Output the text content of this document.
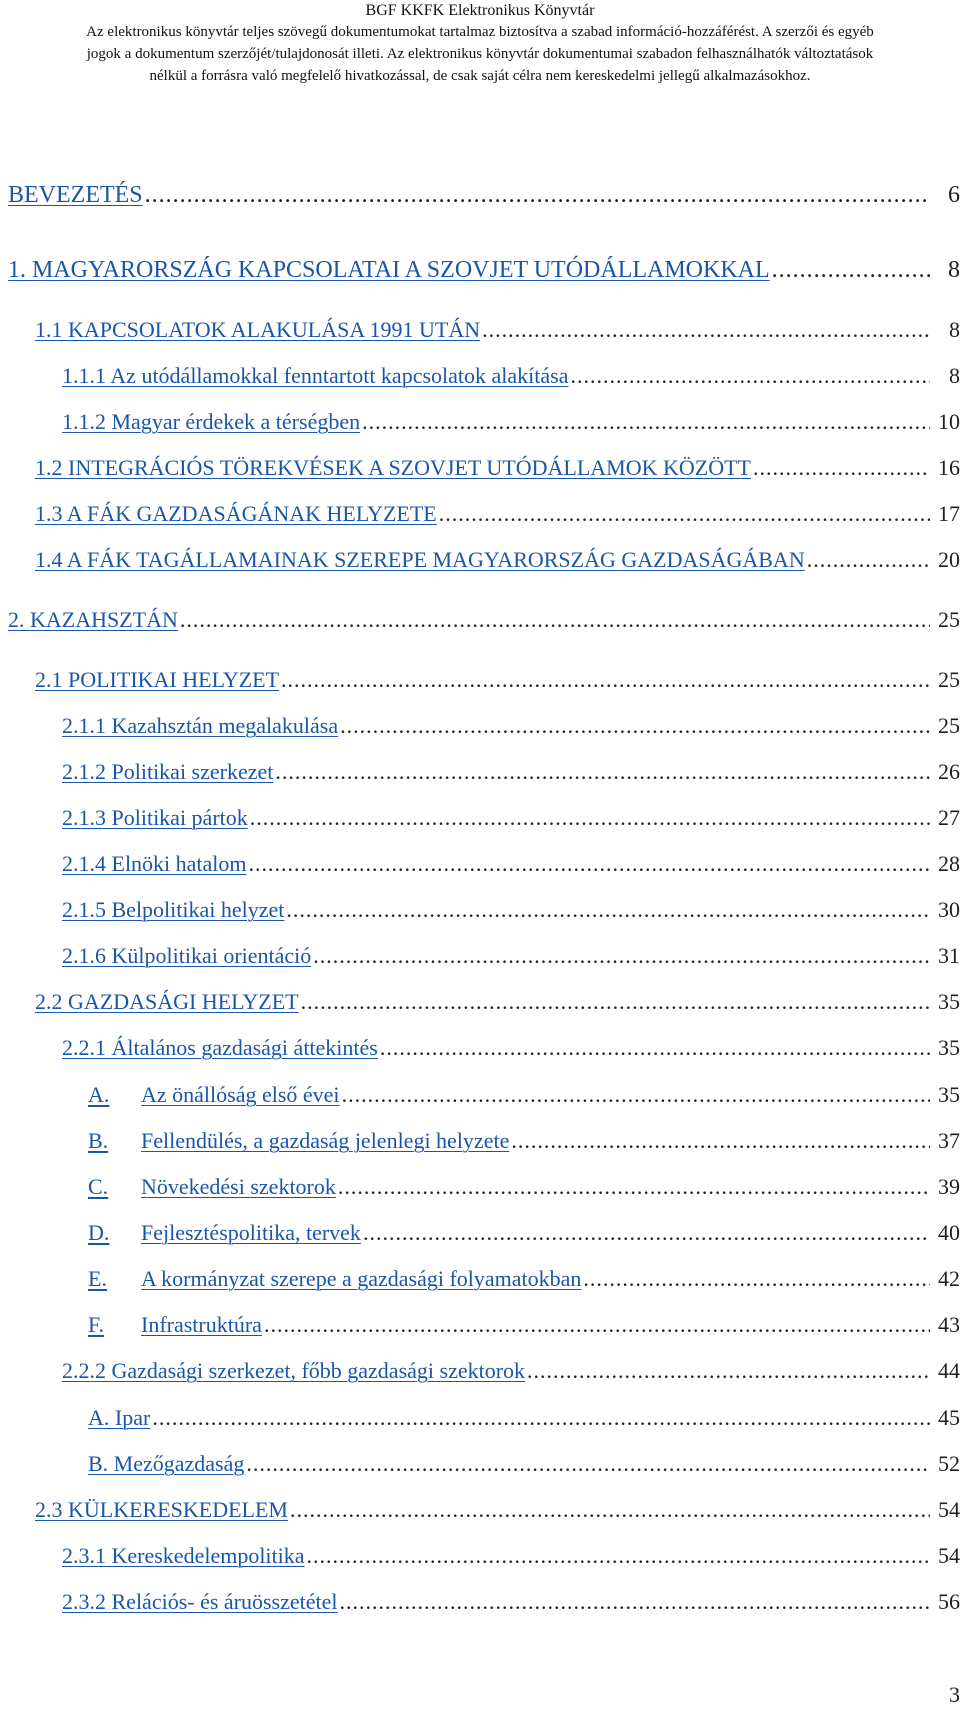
BGF KKFK Elektronikus Könyvtár
Az elektronikus könyvtár teljes szövegű dokumentumokat tartalmaz biztosítva a szabad információ-hozzáférést. A szerzői és egyéb
jogok a dokumentum szerzőjét/tulajdonosát illeti. Az elektronikus könyvtár dokumentumai szabadon felhasználhatók változtatások
nélkül a forrásra való megfelelő hivatkozással, de csak saját célra nem kereskedelmi jellegű alkalmazásokhoz.
BEVEZETÉS .....	6
1. MAGYARORSZÁG KAPCSOLATAI A SZOVJET UTÓDÁLLAMOKKAL .....	8
1.1 KAPCSOLATOK ALAKULÁSA 1991 UTÁN .....	8
1.1.1 Az utódállamokkal fenntartott kapcsolatok alakítása .....	8
1.1.2 Magyar érdekek a térségben .....	10
1.2 INTEGRÁCIÓS TÖREKVÉSEK A SZOVJET UTÓDÁLLAMOK KÖZÖTT .....	16
1.3 A FÁK GAZDASÁGÁNAK HELYZETE .....	17
1.4 A FÁK TAGÁLLAMAINAK SZEREPE MAGYARORSZÁG GAZDASÁGÁBAN .....	20
2. KAZAHSZTÁN .....	25
2.1 POLITIKAI HELYZET .....	25
2.1.1 Kazahsztán megalakulása .....	25
2.1.2 Politikai szerkezet .....	26
2.1.3 Politikai pártok .....	27
2.1.4 Elnöki hatalom .....	28
2.1.5 Belpolitikai helyzet .....	30
2.1.6 Külpolitikai orientáció .....	31
2.2 GAZDASÁGI HELYZET .....	35
2.2.1 Általános gazdasági áttekintés .....	35
A.	Az önállóság első évei .....	35
B.	Fellendülés, a gazdaság jelenlegi helyzete .....	37
C.	Növekedési szektorok .....	39
D.	Fejlesztéspolitika, tervek .....	40
E.	A kormányzat szerepe a gazdasági folyamatokban .....	42
F.	Infrastruktúra .....	43
2.2.2 Gazdasági szerkezet, főbb gazdasági szektorok .....	44
A. Ipar .....	45
B. Mezőgazdaság .....	52
2.3 KÜLKERESKEDELEM .....	54
2.3.1 Kereskedelempolitika .....	54
2.3.2 Relációs- és áruösszetétel .....	56
3
